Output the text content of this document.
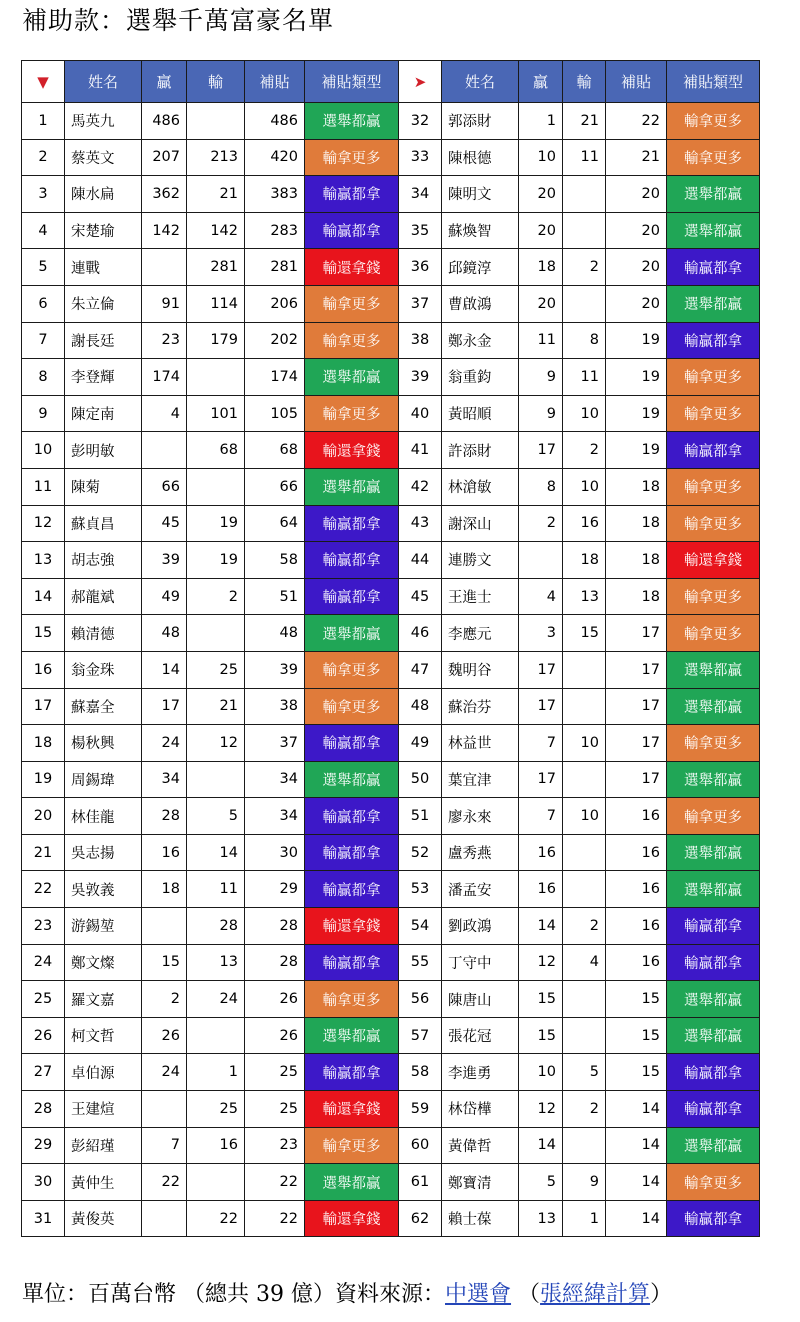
補助款：選舉千萬富豪名單
▼	姓名	贏	輸	補貼	補貼類型	➤	姓名	贏	輸	補貼	補貼類型
1	馬英九	486		486	選舉都贏	32	郭添財	1	21	22	輸拿更多
2	蔡英文	207	213	420	輸拿更多	33	陳根德	10	11	21	輸拿更多
3	陳水扁	362	21	383	輸贏都拿	34	陳明文	20		20	選舉都贏
4	宋楚瑜	142	142	283	輸贏都拿	35	蘇煥智	20		20	選舉都贏
5	連戰		281	281	輸還拿錢	36	邱鏡淳	18	2	20	輸贏都拿
6	朱立倫	91	114	206	輸拿更多	37	曹啟鴻	20		20	選舉都贏
7	謝長廷	23	179	202	輸拿更多	38	鄭永金	11	8	19	輸贏都拿
8	李登輝	174		174	選舉都贏	39	翁重鈞	9	11	19	輸拿更多
9	陳定南	4	101	105	輸拿更多	40	黃昭順	9	10	19	輸拿更多
10	彭明敏		68	68	輸還拿錢	41	許添財	17	2	19	輸贏都拿
11	陳菊	66		66	選舉都贏	42	林滄敏	8	10	18	輸拿更多
12	蘇貞昌	45	19	64	輸贏都拿	43	謝深山	2	16	18	輸拿更多
13	胡志強	39	19	58	輸贏都拿	44	連勝文		18	18	輸還拿錢
14	郝龍斌	49	2	51	輸贏都拿	45	王進士	4	13	18	輸拿更多
15	賴清德	48		48	選舉都贏	46	李應元	3	15	17	輸拿更多
16	翁金珠	14	25	39	輸拿更多	47	魏明谷	17		17	選舉都贏
17	蘇嘉全	17	21	38	輸拿更多	48	蘇治芬	17		17	選舉都贏
18	楊秋興	24	12	37	輸贏都拿	49	林益世	7	10	17	輸拿更多
19	周錫瑋	34		34	選舉都贏	50	葉宜津	17		17	選舉都贏
20	林佳龍	28	5	34	輸贏都拿	51	廖永來	7	10	16	輸拿更多
21	吳志揚	16	14	30	輸贏都拿	52	盧秀燕	16		16	選舉都贏
22	吳敦義	18	11	29	輸贏都拿	53	潘孟安	16		16	選舉都贏
23	游錫堃		28	28	輸還拿錢	54	劉政鴻	14	2	16	輸贏都拿
24	鄭文燦	15	13	28	輸贏都拿	55	丁守中	12	4	16	輸贏都拿
25	羅文嘉	2	24	26	輸拿更多	56	陳唐山	15		15	選舉都贏
26	柯文哲	26		26	選舉都贏	57	張花冠	15		15	選舉都贏
27	卓伯源	24	1	25	輸贏都拿	58	李進勇	10	5	15	輸贏都拿
28	王建煊		25	25	輸還拿錢	59	林岱樺	12	2	14	輸贏都拿
29	彭紹瑾	7	16	23	輸拿更多	60	黃偉哲	14		14	選舉都贏
30	黃仲生	22		22	選舉都贏	61	鄭寶清	5	9	14	輸拿更多
31	黃俊英		22	22	輸還拿錢	62	賴士葆	13	1	14	輸贏都拿
單位：百萬台幣 （總共 39 億）資料來源：中選會 （張經緯計算）
